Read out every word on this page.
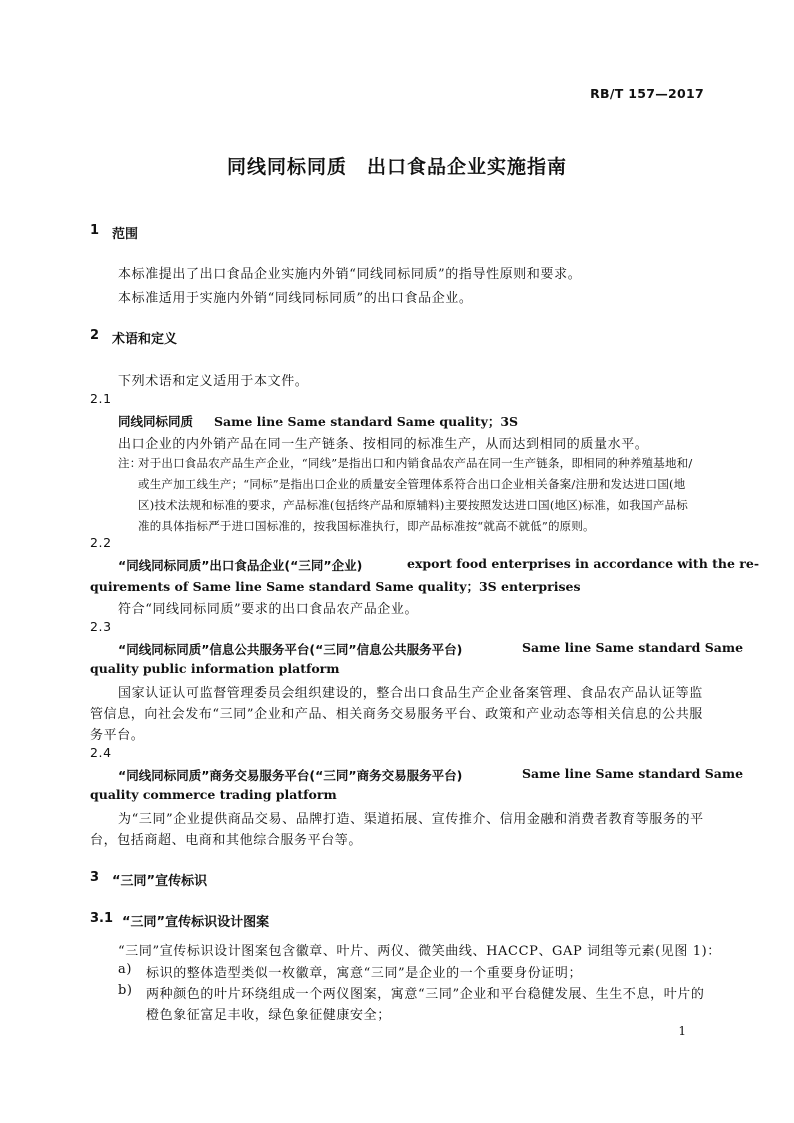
RB/T 157—2017
同线同标同质　出口食品企业实施指南
1 范围
本标准提出了出口食品企业实施内外销“同线同标同质”的指导性原则和要求。
本标准适用于实施内外销“同线同标同质”的出口食品企业。
2 术语和定义
下列术语和定义适用于本文件。
2.1
同线同标同质 Same line Same standard Same quality；3S
出口企业的内外销产品在同一生产链条、按相同的标准生产，从而达到相同的质量水平。
注：
对于出口食品农产品生产企业，“同线”是指出口和内销食品农产品在同一生产链条，即相同的种养殖基地和/
或生产加工线生产；“同标”是指出口企业的质量安全管理体系符合出口企业相关备案/注册和发达进口国(地
区)技术法规和标准的要求，产品标准(包括终产品和原辅料)主要按照发达进口国(地区)标准，如我国产品标
准的具体指标严于进口国标准的，按我国标准执行，即产品标准按“就高不就低”的原则。
2.2
“同线同标同质”出口食品企业(“三同”企业)	export food enterprises in accordance with the re-
quirements of Same line Same standard Same quality；3S enterprises
符合“同线同标同质”要求的出口食品农产品企业。
2.3
“同线同标同质”信息公共服务平台(“三同”信息公共服务平台)	Same line Same standard Same
quality public information platform
国家认证认可监督管理委员会组织建设的，整合出口食品生产企业备案管理、食品农产品认证等监
管信息，向社会发布“三同”企业和产品、相关商务交易服务平台、政策和产业动态等相关信息的公共服
务平台。
2.4
“同线同标同质”商务交易服务平台(“三同”商务交易服务平台)	Same line Same standard Same
quality commerce trading platform
为“三同”企业提供商品交易、品牌打造、渠道拓展、宣传推介、信用金融和消费者教育等服务的平
台，包括商超、电商和其他综合服务平台等。
3 “三同”宣传标识
3.1 “三同”宣传标识设计图案
“三同”宣传标识设计图案包含徽章、叶片、两仪、微笑曲线、HACCP、GAP 词组等元素(见图 1)：
a) 标识的整体造型类似一枚徽章，寓意“三同”是企业的一个重要身份证明；
b) 两种颜色的叶片环绕组成一个两仪图案，寓意“三同”企业和平台稳健发展、生生不息，叶片的
橙色象征富足丰收，绿色象征健康安全；
1
